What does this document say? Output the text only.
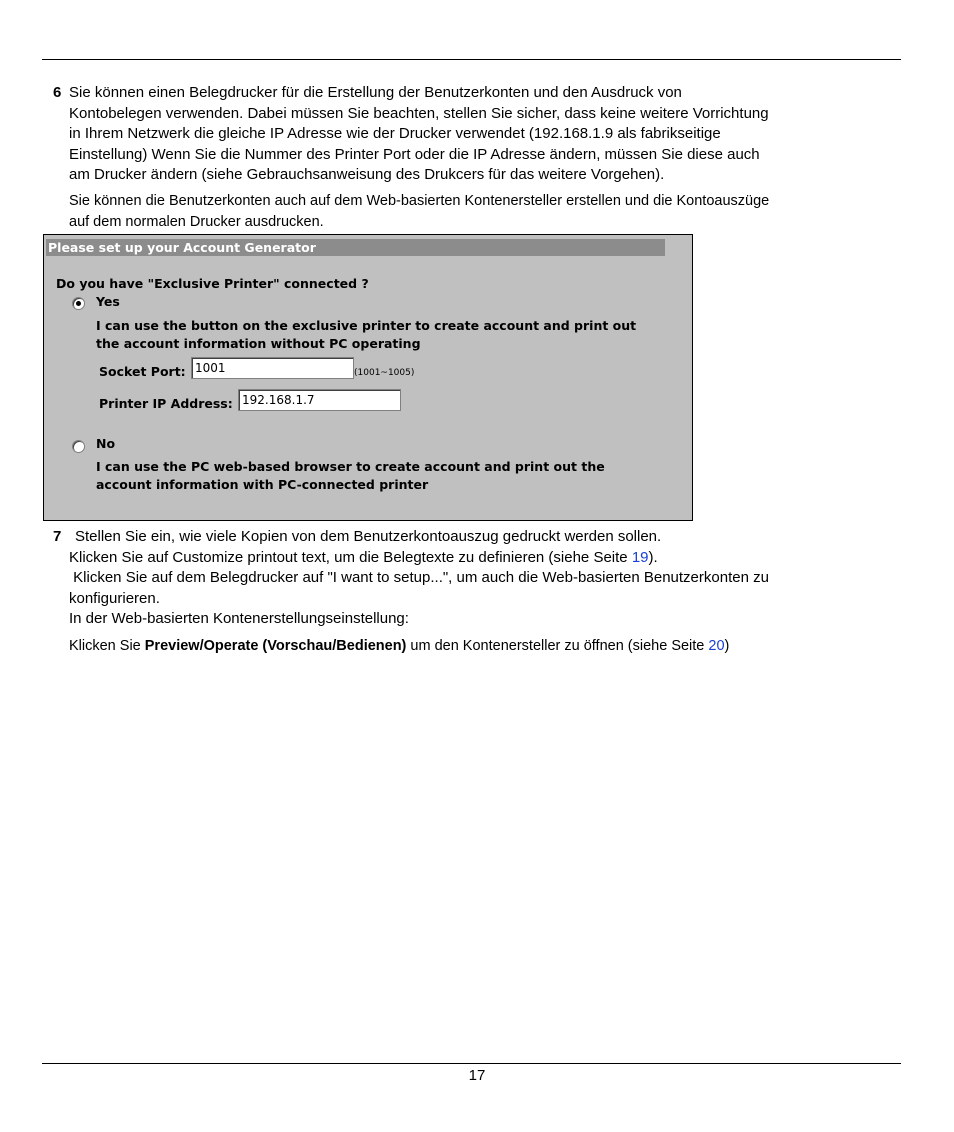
6 Sie können einen Belegdrucker für die Erstellung der Benutzerkonten und den Ausdruck von
Kontobelegen verwenden. Dabei müssen Sie beachten, stellen Sie sicher, dass keine weitere Vorrichtung
in Ihrem Netzwerk die gleiche IP Adresse wie der Drucker verwendet (192.168.1.9 als fabrikseitige
Einstellung) Wenn Sie die Nummer des Printer Port oder die IP Adresse ändern, müssen Sie diese auch
am Drucker ändern (siehe Gebrauchsanweisung des Drukcers für das weitere Vorgehen).
Sie können die Benutzerkonten auch auf dem Web-basierten Kontenersteller erstellen und die Kontoauszüge
auf dem normalen Drucker ausdrucken.
Please set up your Account Generator
Do you have "Exclusive Printer" connected ?
Yes
I can use the button on the exclusive printer to create account and print out
the account information without PC operating
Socket Port: 1001	(1001~1005)
Printer IP Address: 192.168.1.7
No
I can use the PC web-based browser to create account and print out the
account information with PC-connected printer
7 Stellen Sie ein, wie viele Kopien von dem Benutzerkontoauszug gedruckt werden sollen.
Klicken Sie auf Customize printout text, um die Belegtexte zu definieren (siehe Seite 19).
Klicken Sie auf dem Belegdrucker auf "I want to setup...", um auch die Web-basierten Benutzerkonten zu
konfigurieren.
In der Web-basierten Kontenerstellungseinstellung:
Klicken Sie Preview/Operate (Vorschau/Bedienen) um den Kontenersteller zu öffnen (siehe Seite 20)
17
